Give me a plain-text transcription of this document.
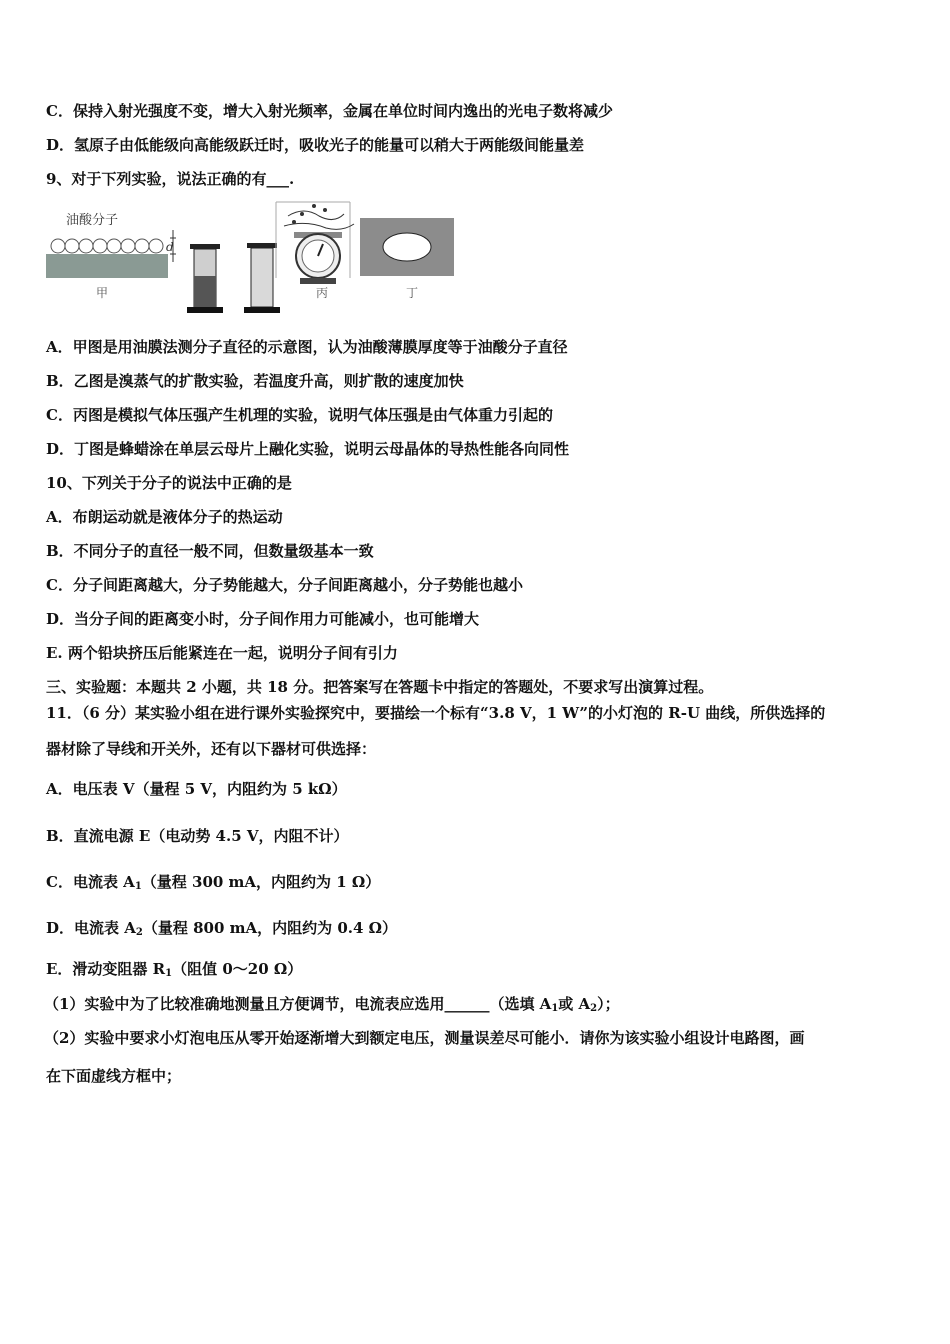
C．保持入射光强度不变，增大入射光频率，金属在单位时间内逸出的光电子数将减少
D．氢原子由低能级向高能级跃迁时，吸收光子的能量可以稍大于两能级间能量差
9、对于下列实验，说法正确的有___.
油酸分子
d
甲	丙	丁
A．甲图是用油膜法测分子直径的示意图，认为油酸薄膜厚度等于油酸分子直径
B．乙图是溴蒸气的扩散实验，若温度升高，则扩散的速度加快
C．丙图是模拟气体压强产生机理的实验，说明气体压强是由气体重力引起的
D．丁图是蜂蜡涂在单层云母片上融化实验，说明云母晶体的导热性能各向同性
10、下列关于分子的说法中正确的是
A．布朗运动就是液体分子的热运动
B．不同分子的直径一般不同，但数量级基本一致
C．分子间距离越大，分子势能越大，分子间距离越小，分子势能也越小
D．当分子间的距离变小时，分子间作用力可能减小，也可能增大
E. 两个铅块挤压后能紧连在一起，说明分子间有引力
三、实验题：本题共 2 小题，共 18 分。把答案写在答题卡中指定的答题处，不要求写出演算过程。
11．（6 分）某实验小组在进行课外实验探究中，要描绘一个标有“3.8 V，1 W”的小灯泡的 R-U 曲线，所供选择的
器材除了导线和开关外，还有以下器材可供选择：
A．电压表 V（量程 5 V，内阻约为 5 kΩ）
B．直流电源 E（电动势 4.5 V，内阻不计）
C．电流表 $A_1$（量程 300 mA，内阻约为 1 Ω）
D．电流表 $A_2$（量程 800 mA，内阻约为 0.4 Ω）
E．滑动变阻器 $R_1$（阻值 0～20 Ω）
（1）实验中为了比较准确地测量且方便调节，电流表应选用______（选填 $A_1$或 $A_2$）；
（2）实验中要求小灯泡电压从零开始逐渐增大到额定电压，测量误差尽可能小．请你为该实验小组设计电路图，画
在下面虚线方框中；
